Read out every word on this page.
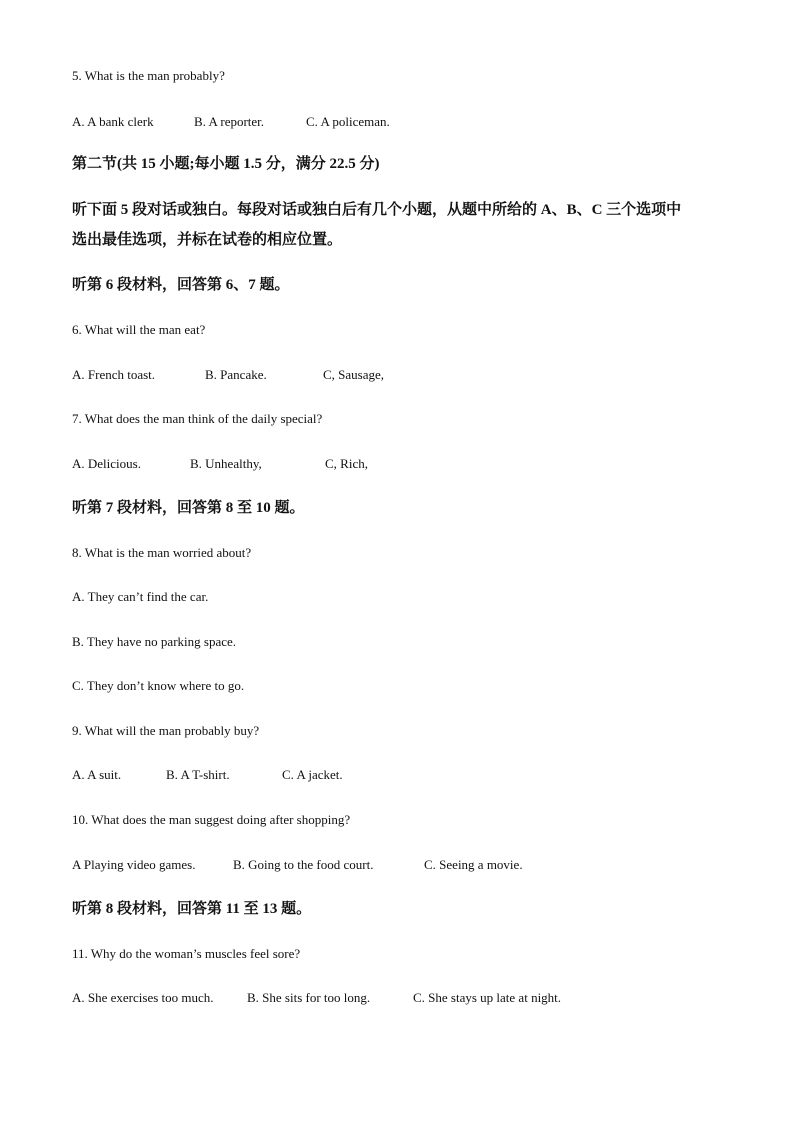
5. What is the man probably?
A. A bank clerk	B. A reporter.	C. A policeman.
第二节(共 15 小题;每小题 1.5 分，满分 22.5 分)
听下面 5 段对话或独白。每段对话或独白后有几个小题，从题中所给的 A、B、C 三个选项中
选出最佳选项，并标在试卷的相应位置。
听第 6 段材料，回答第 6、7 题。
6. What will the man eat?
A. French toast.	B. Pancake.	C, Sausage,
7. What does the man think of the daily special?
A. Delicious.	B. Unhealthy,	C, Rich,
听第 7 段材料，回答第 8 至 10 题。
8. What is the man worried about?
A. They can’t find the car.
B. They have no parking space.
C. They don’t know where to go.
9. What will the man probably buy?
A. A suit.	B. A T-shirt.	C. A jacket.
10. What does the man suggest doing after shopping?
A Playing video games.	B. Going to the food court.	C. Seeing a movie.
听第 8 段材料，回答第 11 至 13 题。
11. Why do the woman’s muscles feel sore?
A. She exercises too much.	B. She sits for too long.	C. She stays up late at night.
